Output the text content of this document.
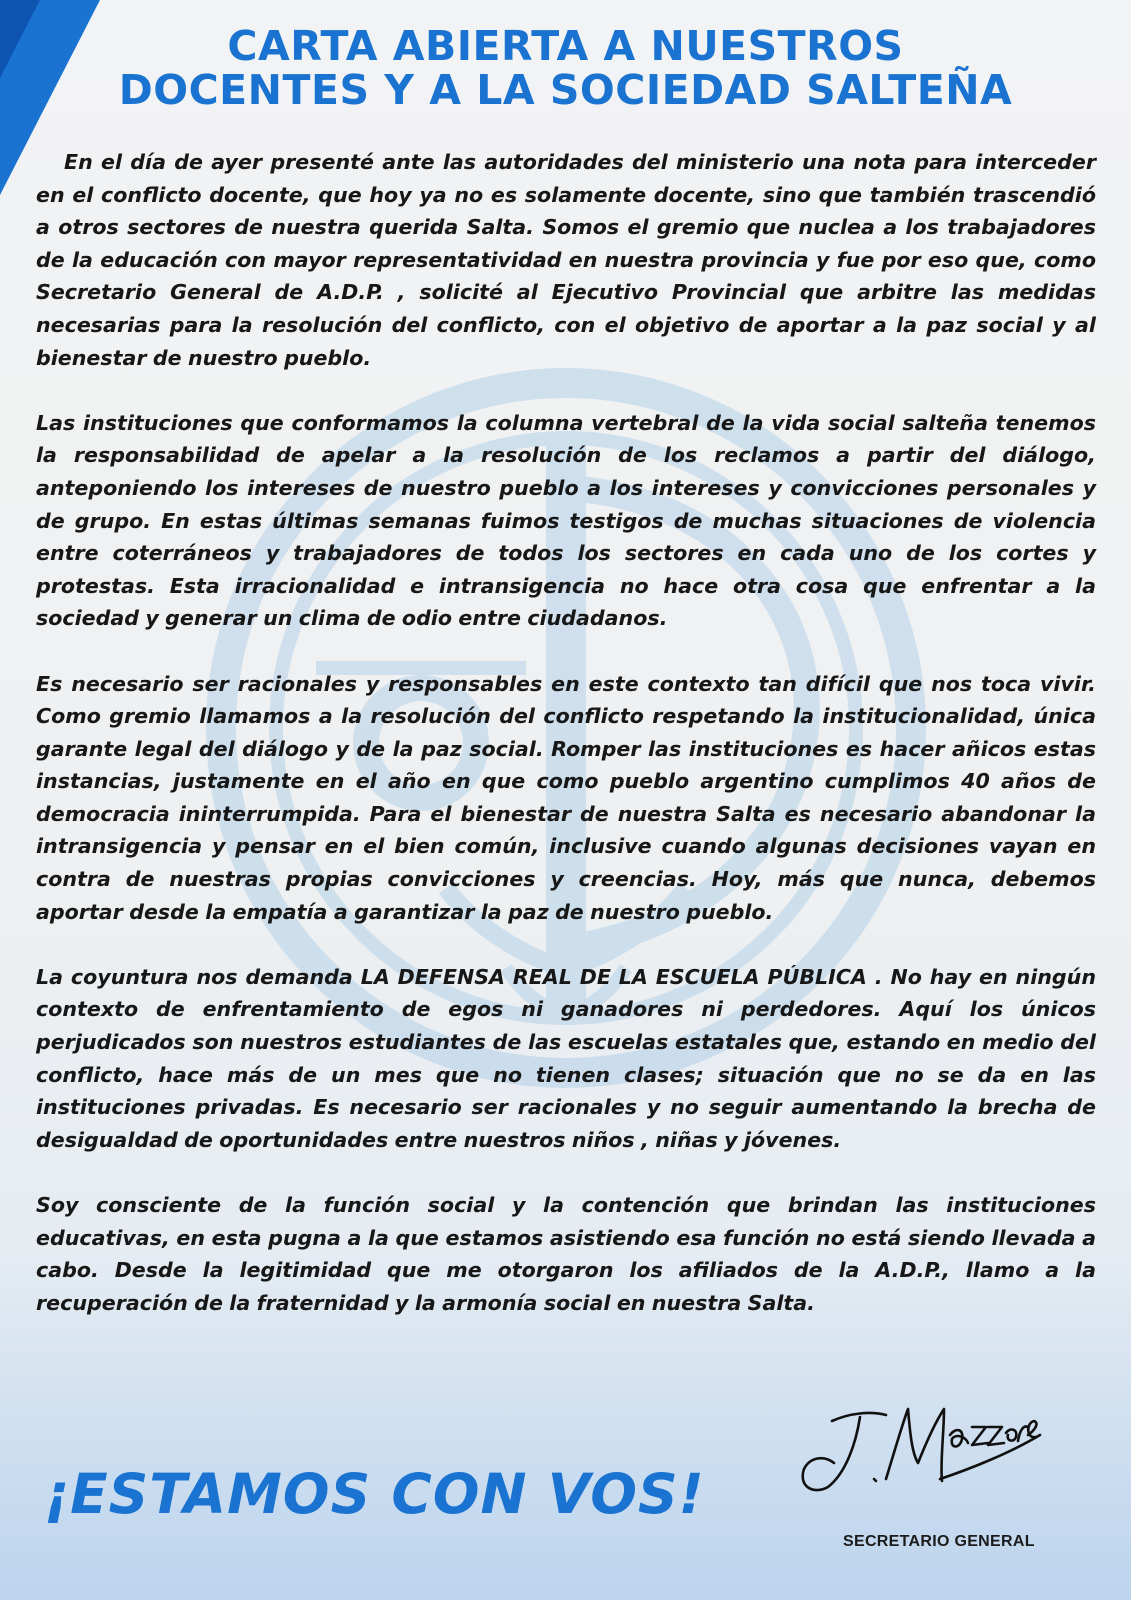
CARTA ABIERTA A NUESTROS
DOCENTES Y A LA SOCIEDAD SALTEÑA

En el día de ayer presenté ante las autoridades del ministerio una nota para interceder en el conflicto docente, que hoy ya no es solamente docente, sino que también trascendió a otros sectores de nuestra querida Salta. Somos el gremio que nuclea a los trabajadores de la educación con mayor representatividad en nuestra provincia y fue por eso que, como Secretario General de A.D.P. , solicité al Ejecutivo Provincial que arbitre las medidas necesarias para la resolución del conflicto, con el objetivo de aportar a la paz social y al bienestar de nuestro pueblo.

Las instituciones que conformamos la columna vertebral de la vida social salteña tenemos la responsabilidad de apelar a la resolución de los reclamos a partir del diálogo, anteponiendo los intereses de nuestro pueblo a los intereses y convicciones personales y de grupo. En estas últimas semanas fuimos testigos de muchas situaciones de violencia entre coterráneos y trabajadores de todos los sectores en cada uno de los cortes y protestas. Esta irracionalidad e intransigencia no hace otra cosa que enfrentar a la sociedad y generar un clima de odio entre ciudadanos.

Es necesario ser racionales y responsables en este contexto tan difícil que nos toca vivir. Como gremio llamamos a la resolución del conflicto respetando la institucionalidad, única garante legal del diálogo y de la paz social. Romper las instituciones es hacer añicos estas instancias, justamente en el año en que como pueblo argentino cumplimos 40 años de democracia ininterrumpida. Para el bienestar de nuestra Salta es necesario abandonar la intransigencia y pensar en el bien común, inclusive cuando algunas decisiones vayan en contra de nuestras propias convicciones y creencias. Hoy, más que nunca, debemos aportar desde la empatía a garantizar la paz de nuestro pueblo.

La coyuntura nos demanda LA DEFENSA REAL DE LA ESCUELA PÚBLICA . No hay en ningún contexto de enfrentamiento de egos ni ganadores ni perdedores. Aquí los únicos perjudicados son nuestros estudiantes de las escuelas estatales que, estando en medio del conflicto, hace más de un mes que no tienen clases; situación que no se da en las instituciones privadas. Es necesario ser racionales y no seguir aumentando la brecha de desigualdad de oportunidades entre nuestros niños , niñas y jóvenes.

Soy consciente de la función social y la contención que brindan las instituciones educativas, en esta pugna a la que estamos asistiendo esa función no está siendo llevada a cabo. Desde la legitimidad que me otorgaron los afiliados de la A.D.P., llamo a la recuperación de la fraternidad y la armonía social en nuestra Salta.

¡ESTAMOS CON VOS!

SECRETARIO GENERAL
